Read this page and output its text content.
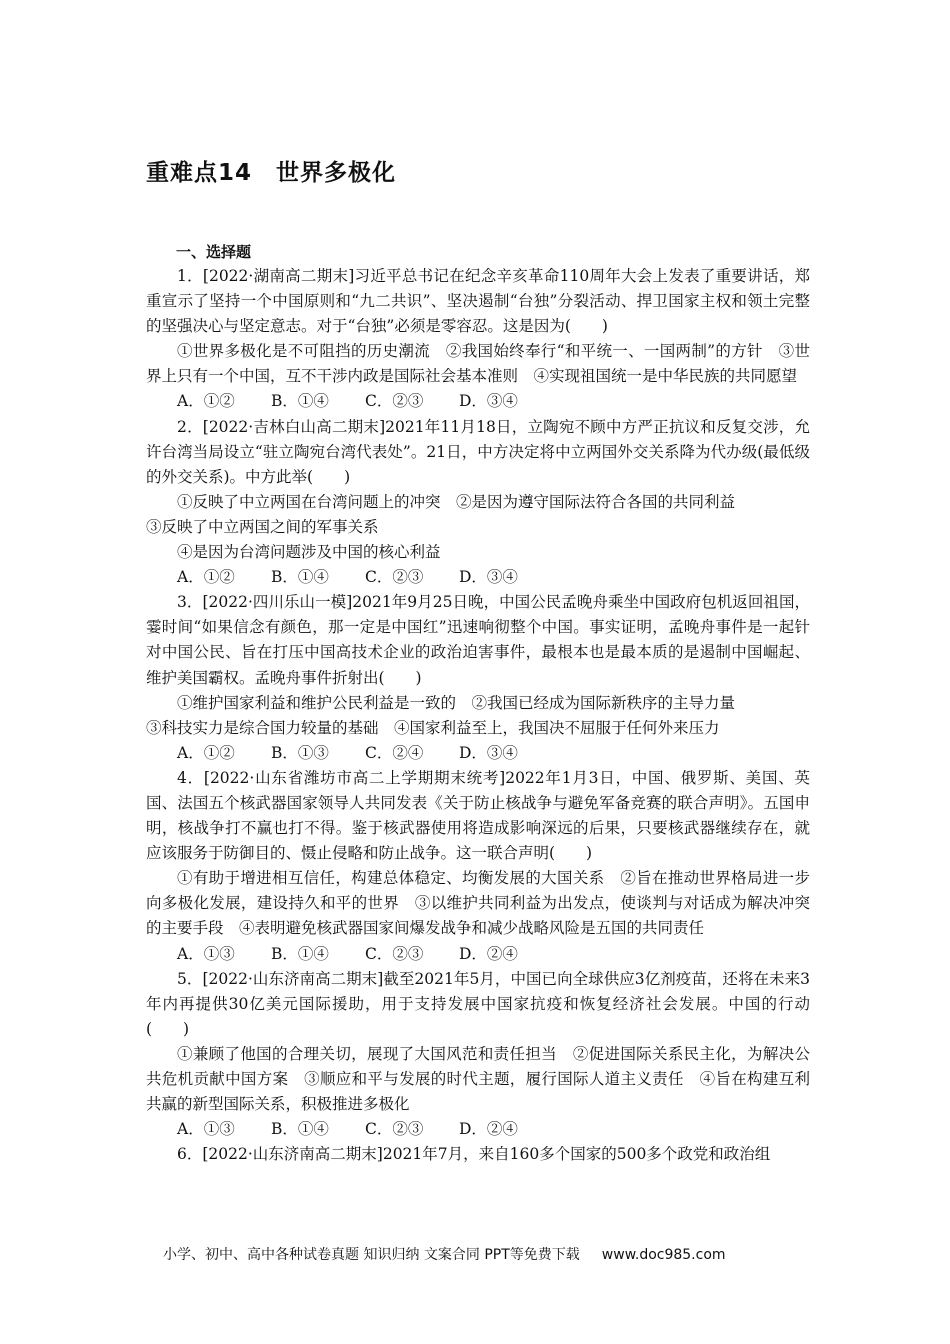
重难点14　世界多极化
一、选择题

1．[2022·湖南高二期末]习近平总书记在纪念辛亥革命110周年大会上发表了重要讲话，郑重宣示了坚持一个中国原则和“九二共识”、坚决遏制“台独”分裂活动、捍卫国家主权和领土完整的坚强决心与坚定意志。对于“台独”必须是零容忍。这是因为(　　)

①世界多极化是不可阻挡的历史潮流　②我国始终奉行“和平统一、一国两制”的方针　③世界上只有一个中国，互不干涉内政是国际社会基本准则　④实现祖国统一是中华民族的共同愿望

A．①②	B．①④	C．②③	D．③④

2．[2022·吉林白山高二期末]2021年11月18日，立陶宛不顾中方严正抗议和反复交涉，允许台湾当局设立“驻立陶宛台湾代表处”。21日，中方决定将中立两国外交关系降为代办级(最低级的外交关系)。中方此举(　　)

①反映了中立两国在台湾问题上的冲突　②是因为遵守国际法符合各国的共同利益

③反映了中立两国之间的军事关系

④是因为台湾问题涉及中国的核心利益

A．①②	B．①④	C．②③	D．③④

3．[2022·四川乐山一模]2021年9月25日晚，中国公民孟晚舟乘坐中国政府包机返回祖国，霎时间“如果信念有颜色，那一定是中国红”迅速响彻整个中国。事实证明，孟晚舟事件是一起针对中国公民、旨在打压中国高技术企业的政治迫害事件，最根本也是最本质的是遏制中国崛起、维护美国霸权。孟晚舟事件折射出(　　)

①维护国家利益和维护公民利益是一致的　②我国已经成为国际新秩序的主导力量

③科技实力是综合国力较量的基础　④国家利益至上，我国决不屈服于任何外来压力

A．①②	B．①③	C．②④	D．③④

4．[2022·山东省潍坊市高二上学期期末统考]2022年1月3日，中国、俄罗斯、美国、英国、法国五个核武器国家领导人共同发表《关于防止核战争与避免军备竞赛的联合声明》。五国申明，核战争打不赢也打不得。鉴于核武器使用将造成影响深远的后果，只要核武器继续存在，就应该服务于防御目的、慑止侵略和防止战争。这一联合声明(　　)

①有助于增进相互信任，构建总体稳定、均衡发展的大国关系　②旨在推动世界格局进一步向多极化发展，建设持久和平的世界　③以维护共同利益为出发点，使谈判与对话成为解决冲突的主要手段　④表明避免核武器国家间爆发战争和减少战略风险是五国的共同责任

A．①③	B．①④	C．②③	D．②④

5．[2022·山东济南高二期末]截至2021年5月，中国已向全球供应3亿剂疫苗，还将在未来3年内再提供30亿美元国际援助，用于支持发展中国家抗疫和恢复经济社会发展。中国的行动(　　)

①兼顾了他国的合理关切，展现了大国风范和责任担当　②促进国际关系民主化，为解决公共危机贡献中国方案　③顺应和平与发展的时代主题，履行国际人道主义责任　④旨在构建互利共赢的新型国际关系，积极推进多极化

A．①③	B．①④	C．②③	D．②④

6．[2022·山东济南高二期末]2021年7月，来自160多个国家的500多个政党和政治组

小学、初中、高中各种试卷真题 知识归纳 文案合同 PPT等免费下载 www.doc985.com
